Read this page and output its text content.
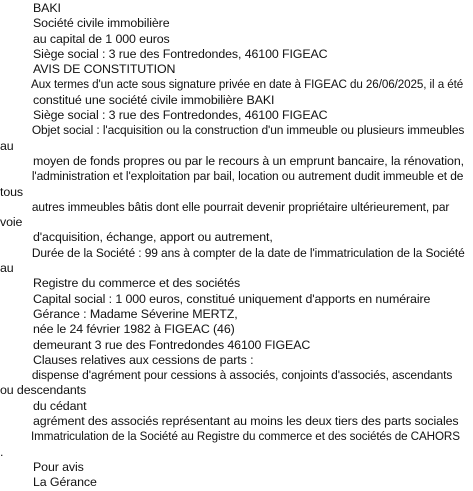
BAKI
Société civile immobilière
au capital de 1 000 euros
Siège social : 3 rue des Fontredondes, 46100 FIGEAC
AVIS DE CONSTITUTION
Aux termes d'un acte sous signature privée en date à FIGEAC du 26/06/2025, il a été
constitué une société civile immobilière BAKI
Siège social : 3 rue des Fontredondes, 46100 FIGEAC
Objet social : l'acquisition ou la construction d'un immeuble ou plusieurs immeubles
au
moyen de fonds propres ou par le recours à un emprunt bancaire, la rénovation,
l'administration et l'exploitation par bail, location ou autrement dudit immeuble et de
tous
autres immeubles bâtis dont elle pourrait devenir propriétaire ultérieurement, par
voie
d'acquisition, échange, apport ou autrement,
Durée de la Société : 99 ans à compter de la date de l'immatriculation de la Société
au
Registre du commerce et des sociétés
Capital social : 1 000 euros, constitué uniquement d'apports en numéraire
Gérance : Madame Séverine MERTZ,
née le 24 février 1982 à FIGEAC (46)
demeurant 3 rue des Fontredondes 46100 FIGEAC
Clauses relatives aux cessions de parts :
dispense d'agrément pour cessions à associés, conjoints d'associés, ascendants
ou descendants
du cédant
agrément des associés représentant au moins les deux tiers des parts sociales
Immatriculation de la Société au Registre du commerce et des sociétés de CAHORS
.
Pour avis
La Gérance
